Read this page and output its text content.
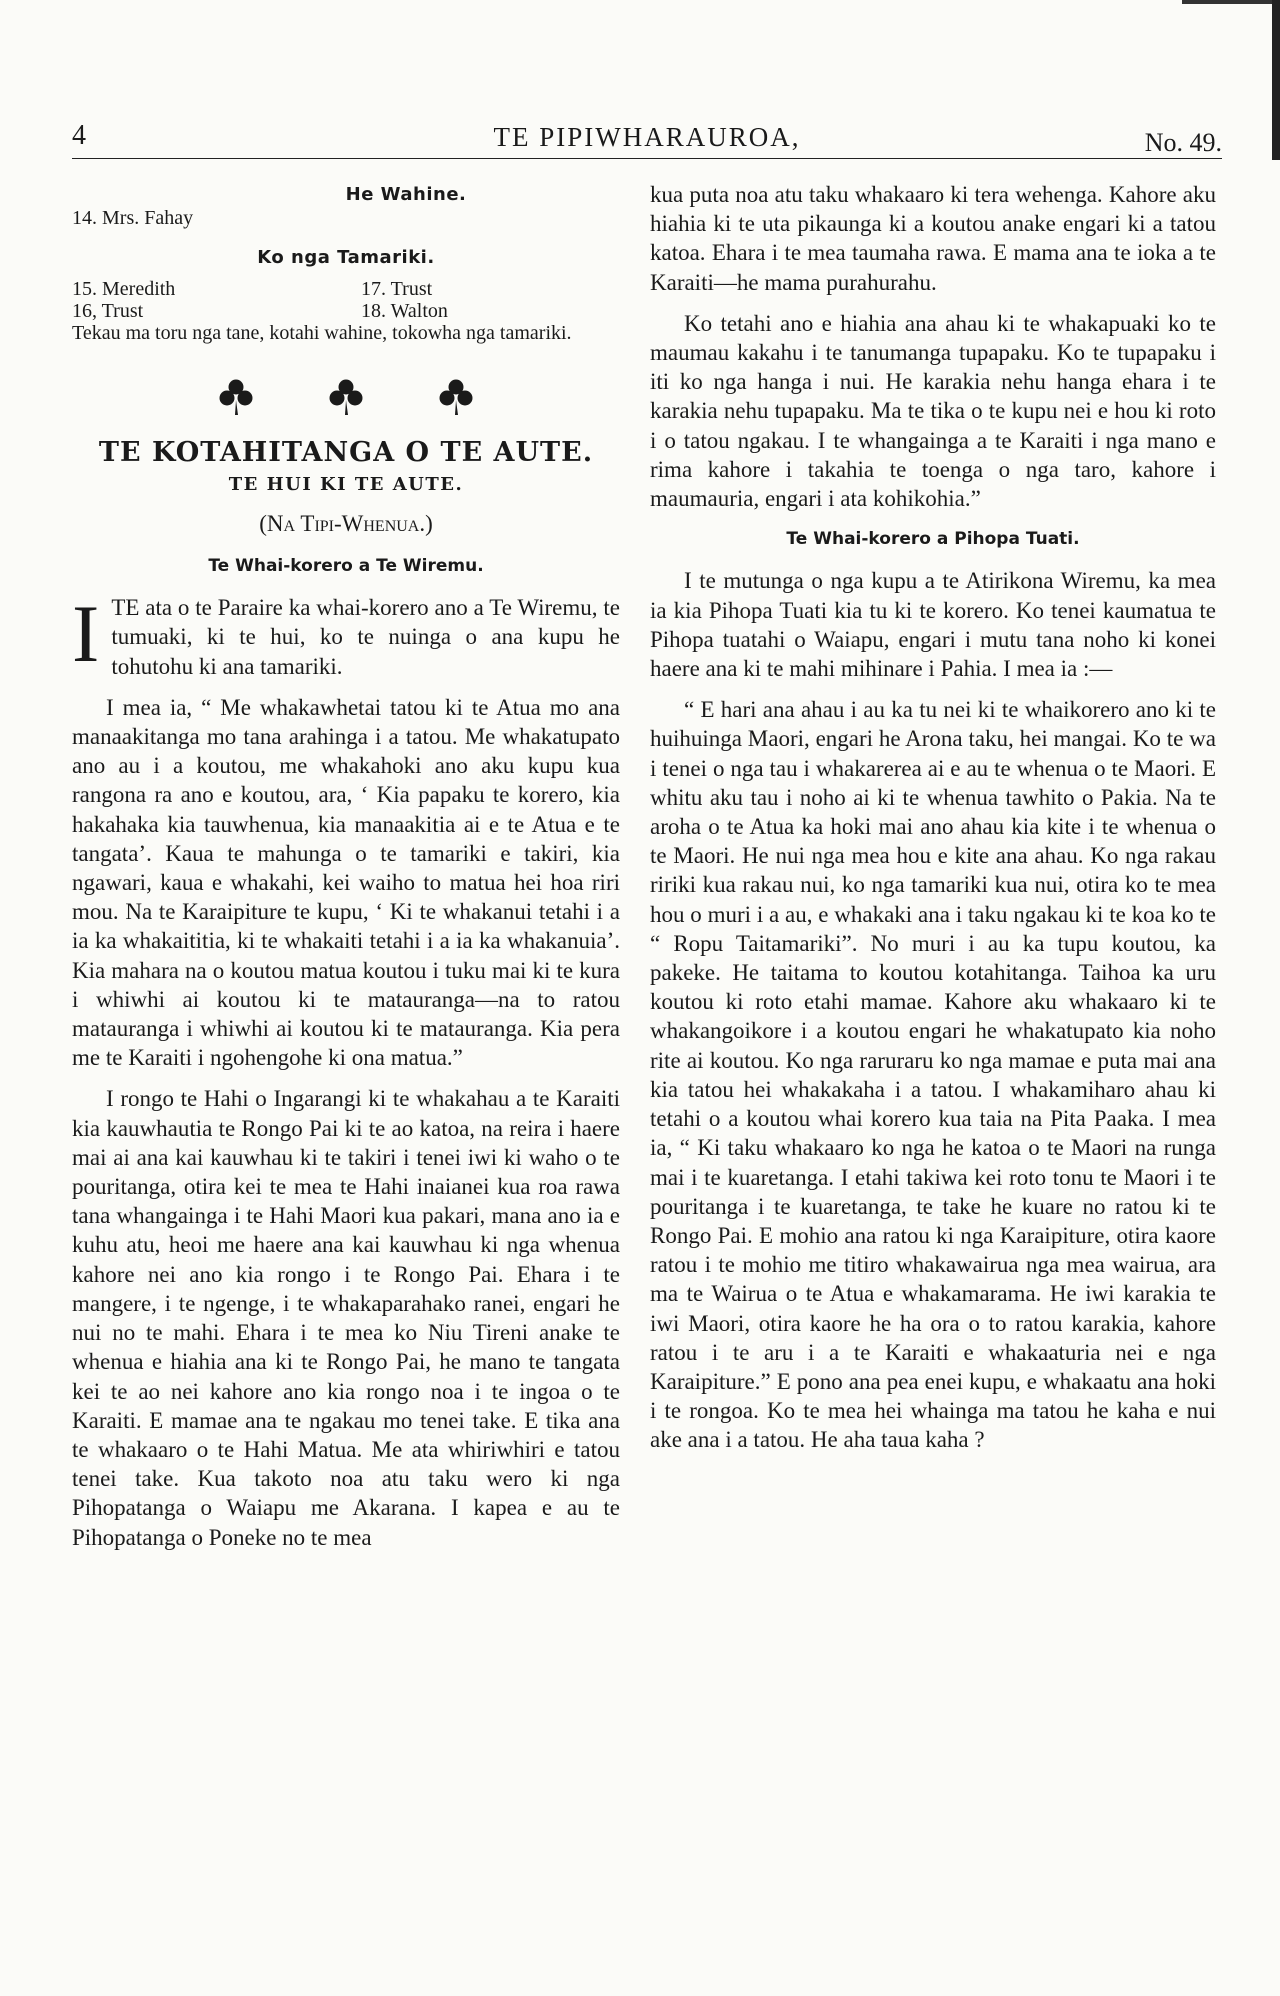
4	TE PIPIWHARAUROA,	No. 49.
He Wahine.
14. Mrs. Fahay
Ko nga Tamariki.
15. Meredith	17. Trust
16, Trust	18. Walton
Tekau ma toru nga tane, kotahi wahine, tokowha nga tamariki.
TE KOTAHITANGA O TE AUTE.
TE HUI KI TE AUTE.
(Na Tipi-Whenua.)
Te Whai-korero a Te Wiremu.

ITE ata o te Paraire ka whai-korero ano a Te Wiremu, te tumuaki, ki te hui, ko te nuinga o ana kupu he tohutohu ki ana tamariki.

I mea ia, “ Me whakawhetai tatou ki te Atua mo ana manaakitanga mo tana arahinga i a tatou. Me whakatupato ano au i a koutou, me whakahoki ano aku kupu kua rangona ra ano e koutou, ara, ‘ Kia papaku te korero, kia hakahaka kia tauwhenua, kia manaakitia ai e te Atua e te tangata’. Kaua te mahunga o te tamariki e takiri, kia ngawari, kaua e whakahi, kei waiho to matua hei hoa riri mou. Na te Karaipiture te kupu, ‘ Ki te whakanui tetahi i a ia ka whakaititia, ki te whakaiti tetahi i a ia ka whakanuia’. Kia mahara na o koutou matua koutou i tuku mai ki te kura i whiwhi ai koutou ki te matauranga—na to ratou matauranga i whiwhi ai koutou ki te matauranga. Kia pera me te Karaiti i ngohengohe ki ona matua.”

I rongo te Hahi o Ingarangi ki te whakahau a te Karaiti kia kauwhautia te Rongo Pai ki te ao katoa, na reira i haere mai ai ana kai kauwhau ki te takiri i tenei iwi ki waho o te pouritanga, otira kei te mea te Hahi inaianei kua roa rawa tana whangainga i te Hahi Maori kua pakari, mana ano ia e kuhu atu, heoi me haere ana kai kauwhau ki nga whenua kahore nei ano kia rongo i te Rongo Pai. Ehara i te mangere, i te ngenge, i te whakaparahako ranei, engari he nui no te mahi. Ehara i te mea ko Niu Tireni anake te whenua e hiahia ana ki te Rongo Pai, he mano te tangata kei te ao nei kahore ano kia rongo noa i te ingoa o te Karaiti. E mamae ana te ngakau mo tenei take. E tika ana te whakaaro o te Hahi Matua. Me ata whiriwhiri e tatou tenei take. Kua takoto noa atu taku wero ki nga Pihopatanga o Waiapu me Akarana. I kapea e au te Pihopatanga o Poneke no te mea

kua puta noa atu taku whakaaro ki tera wehenga. Kahore aku hiahia ki te uta pikaunga ki a koutou anake engari ki a tatou katoa. Ehara i te mea taumaha rawa. E mama ana te ioka a te Karaiti—he mama purahurahu.

Ko tetahi ano e hiahia ana ahau ki te whakapuaki ko te maumau kakahu i te tanumanga tupapaku. Ko te tupapaku i iti ko nga hanga i nui. He karakia nehu hanga ehara i te karakia nehu tupapaku. Ma te tika o te kupu nei e hou ki roto i o tatou ngakau. I te whangainga a te Karaiti i nga mano e rima kahore i takahia te toenga o nga taro, kahore i maumauria, engari i ata kohikohia.”

Te Whai-korero a Pihopa Tuati.

I te mutunga o nga kupu a te Atirikona Wiremu, ka mea ia kia Pihopa Tuati kia tu ki te korero. Ko tenei kaumatua te Pihopa tuatahi o Waiapu, engari i mutu tana noho ki konei haere ana ki te mahi mihinare i Pahia. I mea ia :—

“ E hari ana ahau i au ka tu nei ki te whaikorero ano ki te huihuinga Maori, engari he Arona taku, hei mangai. Ko te wa i tenei o nga tau i whakarerea ai e au te whenua o te Maori. E whitu aku tau i noho ai ki te whenua tawhito o Pakia. Na te aroha o te Atua ka hoki mai ano ahau kia kite i te whenua o te Maori. He nui nga mea hou e kite ana ahau. Ko nga rakau ririki kua rakau nui, ko nga tamariki kua nui, otira ko te mea hou o muri i a au, e whakaki ana i taku ngakau ki te koa ko te “ Ropu Taitamariki”. No muri i au ka tupu koutou, ka pakeke. He taitama to koutou kotahitanga. Taihoa ka uru koutou ki roto etahi mamae. Kahore aku whakaaro ki te whakangoikore i a koutou engari he whakatupato kia noho rite ai koutou. Ko nga raruraru ko nga mamae e puta mai ana kia tatou hei whakakaha i a tatou. I whakamiharo ahau ki tetahi o a koutou whai korero kua taia na Pita Paaka. I mea ia, “ Ki taku whakaaro ko nga he katoa o te Maori na runga mai i te kuaretanga. I etahi takiwa kei roto tonu te Maori i te pouritanga i te kuaretanga, te take he kuare no ratou ki te Rongo Pai. E mohio ana ratou ki nga Karaipiture, otira kaore ratou i te mohio me titiro whakawairua nga mea wairua, ara ma te Wairua o te Atua e whakamarama. He iwi karakia te iwi Maori, otira kaore he ha ora o to ratou karakia, kahore ratou i te aru i a te Karaiti e whakaaturia nei e nga Karaipiture.” E pono ana pea enei kupu, e whakaatu ana hoki i te rongoa. Ko te mea hei whainga ma tatou he kaha e nui ake ana i a tatou. He aha taua kaha ?
